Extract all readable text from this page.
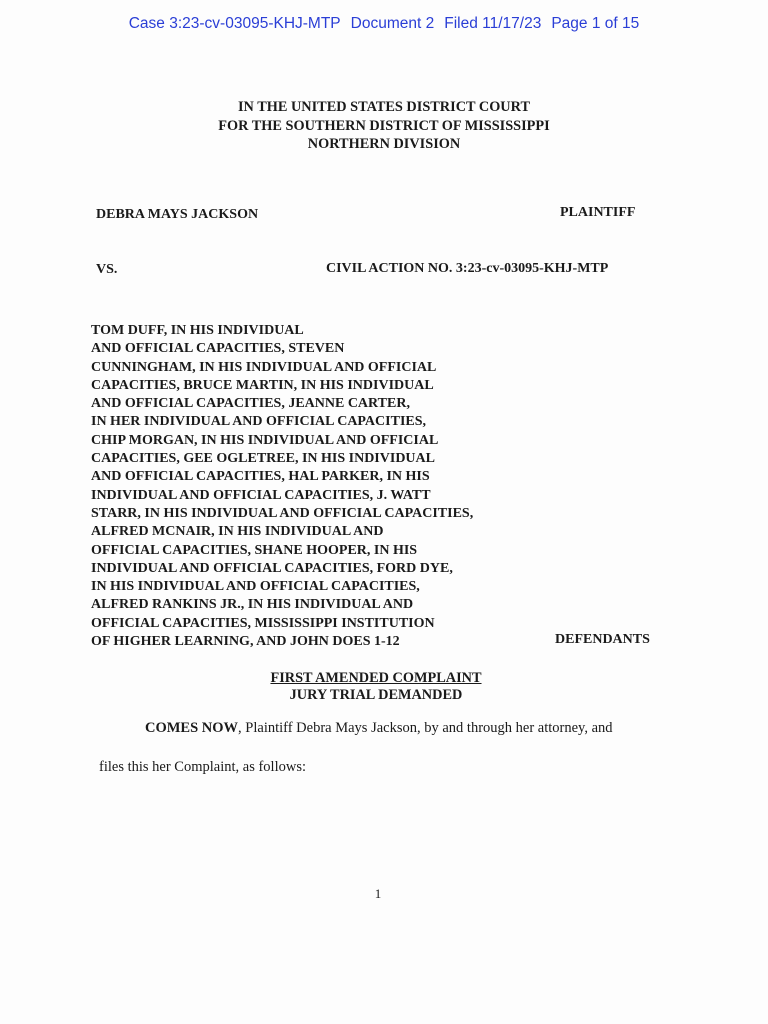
Case 3:23-cv-03095-KHJ-MTP Document 2 Filed 11/17/23 Page 1 of 15
IN THE UNITED STATES DISTRICT COURT
FOR THE SOUTHERN DISTRICT OF MISSISSIPPI
NORTHERN DIVISION
DEBRA MAYS JACKSON	PLAINTIFF
VS.	CIVIL ACTION NO. 3:23-cv-03095-KHJ-MTP
TOM DUFF, IN HIS INDIVIDUAL
AND OFFICIAL CAPACITIES, STEVEN
CUNNINGHAM, IN HIS INDIVIDUAL AND OFFICIAL
CAPACITIES, BRUCE MARTIN, IN HIS INDIVIDUAL
AND OFFICIAL CAPACITIES, JEANNE CARTER,
IN HER INDIVIDUAL AND OFFICIAL CAPACITIES,
CHIP MORGAN, IN HIS INDIVIDUAL AND OFFICIAL
CAPACITIES, GEE OGLETREE, IN HIS INDIVIDUAL
AND OFFICIAL CAPACITIES, HAL PARKER, IN HIS
INDIVIDUAL AND OFFICIAL CAPACITIES, J. WATT
STARR, IN HIS INDIVIDUAL AND OFFICIAL CAPACITIES,
ALFRED MCNAIR, IN HIS INDIVIDUAL AND
OFFICIAL CAPACITIES, SHANE HOOPER, IN HIS
INDIVIDUAL AND OFFICIAL CAPACITIES, FORD DYE,
IN HIS INDIVIDUAL AND OFFICIAL CAPACITIES,
ALFRED RANKINS JR., IN HIS INDIVIDUAL AND
OFFICIAL CAPACITIES, MISSISSIPPI INSTITUTION
OF HIGHER LEARNING, AND JOHN DOES 1-12	DEFENDANTS
FIRST AMENDED COMPLAINT
JURY TRIAL DEMANDED
COMES NOW, Plaintiff Debra Mays Jackson, by and through her attorney, and
files this her Complaint, as follows:
1
